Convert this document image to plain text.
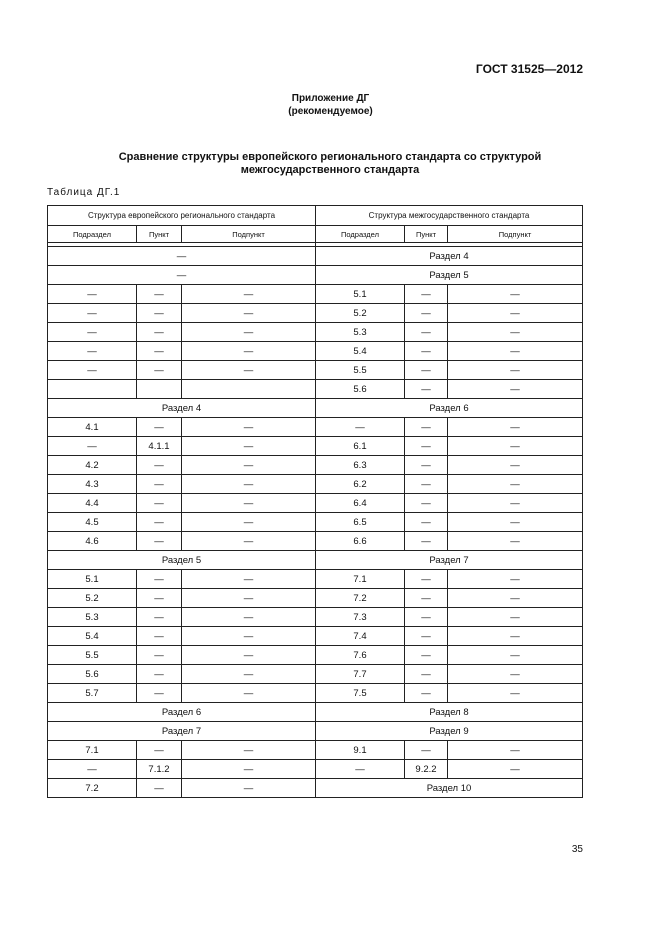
ГОСТ 31525—2012
Приложение ДГ
(рекомендуемое)
Сравнение структуры европейского регионального стандарта со структурой
межгосударственного стандарта
Таблица ДГ.1
Структура европейского регионального стандарта			Структура межгосударственного стандарта		
Подраздел	Пункт	Подпункт	Подраздел	Пункт	Подпункт

—			Раздел 4		
—			Раздел 5		
—	—	—	5.1	—	—
—	—	—	5.2	—	—
—	—	—	5.3	—	—
—	—	—	5.4	—	—
—	—	—	5.5	—	—
			5.6	—	—
Раздел 4			Раздел 6		
4.1	—	—	—	—	—
—	4.1.1	—	6.1	—	—
4.2	—	—	6.3	—	—
4.3	—	—	6.2	—	—
4.4	—	—	6.4	—	—
4.5	—	—	6.5	—	—
4.6	—	—	6.6	—	—
Раздел 5			Раздел 7		
5.1	—	—	7.1	—	—
5.2	—	—	7.2	—	—
5.3	—	—	7.3	—	—
5.4	—	—	7.4	—	—
5.5	—	—	7.6	—	—
5.6	—	—	7.7	—	—
5.7	—	—	7.5	—	—
Раздел 6			Раздел 8		
Раздел 7			Раздел 9		
7.1	—	—	9.1	—	—
—	7.1.2	—	—	9.2.2	—
7.2	—	—	Раздел 10		
35
